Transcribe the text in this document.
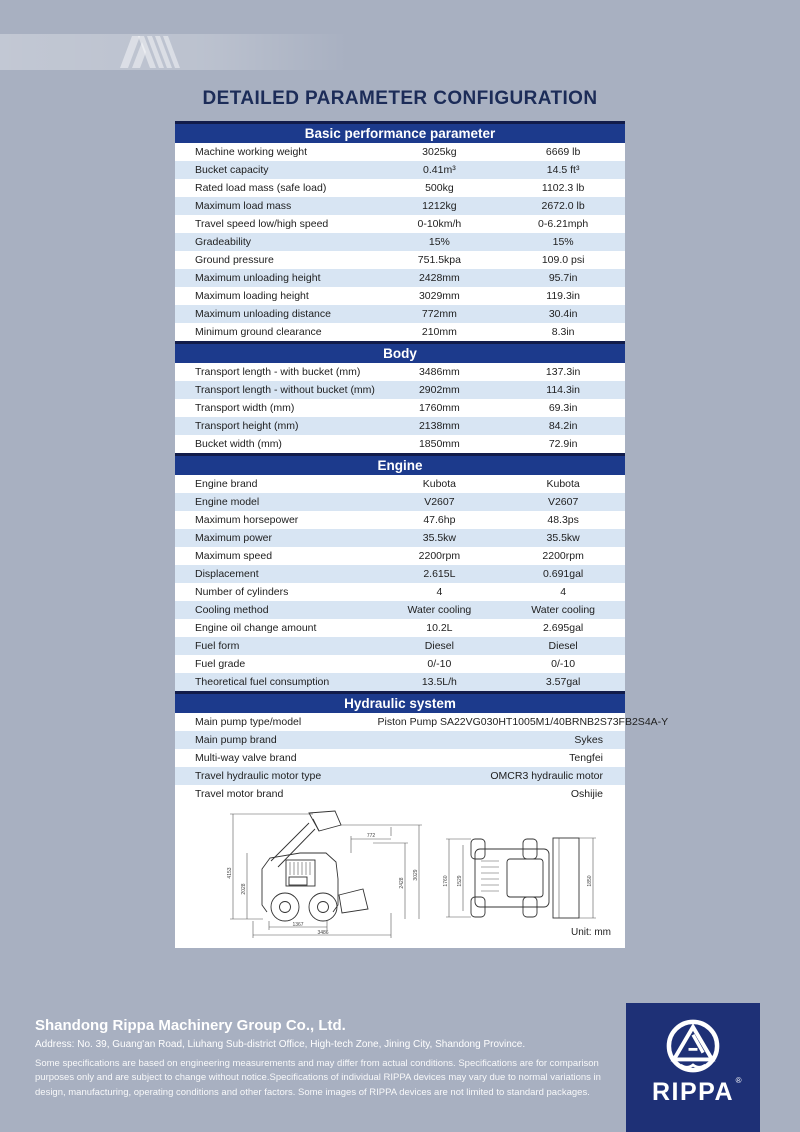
DETAILED PARAMETER CONFIGURATION
Basic performance parameter
Machine working weight	3025kg	6669 lb
Bucket capacity	0.41m³	14.5 ft³
Rated load mass (safe load)	500kg	1102.3 lb
Maximum load mass	1212kg	2672.0 lb
Travel speed low/high speed	0-10km/h	0-6.21mph
Gradeability	15%	15%
Ground pressure	751.5kpa	109.0 psi
Maximum unloading height	2428mm	95.7in
Maximum loading height	3029mm	119.3in
Maximum unloading distance	772mm	30.4in
Minimum ground clearance	210mm	8.3in
Body
Transport length - with bucket (mm)	3486mm	137.3in
Transport length - without bucket (mm)	2902mm	114.3in
Transport width (mm)	1760mm	69.3in
Transport height (mm)	2138mm	84.2in
Bucket width (mm)	1850mm	72.9in
Engine
Engine brand	Kubota	Kubota
Engine model	V2607	V2607
Maximum horsepower	47.6hp	48.3ps
Maximum power	35.5kw	35.5kw
Maximum speed	2200rpm	2200rpm
Displacement	2.615L	0.691gal
Number of cylinders	4	4
Cooling method	Water cooling	Water cooling
Engine oil change amount	10.2L	2.695gal
Fuel form	Diesel	Diesel
Fuel grade	0/-10	0/-10
Theoretical fuel consumption	13.5L/h	3.57gal
Hydraulic system
Main pump type/model	Piston Pump SA22VG030HT1005M1/40BRNB2S73FB2S4A-Y
Main pump brand	Sykes
Multi-way valve brand	Tengfei
Travel hydraulic motor type	OMCR3 hydraulic motor
Travel motor brand	Oshijie
4153
2028
772
3029
2428
1367
3486
1760 1529	1850
Unit: mm
Shandong Rippa Machinery Group Co., Ltd.
Address: No. 39, Guang'an Road, Liuhang Sub-district Office, High-tech Zone, Jining City, Shandong Province.
Some specifications are based on engineering measurements and may differ from actual conditions. Specifications are for comparison purposes only and are subject to change without notice.Specifications of individual RIPPA devices may vary due to normal variations in design, manufacturing, operating conditions and other factors. Some images of RIPPA devices are not limited to standard packages.	RIPPA ®
